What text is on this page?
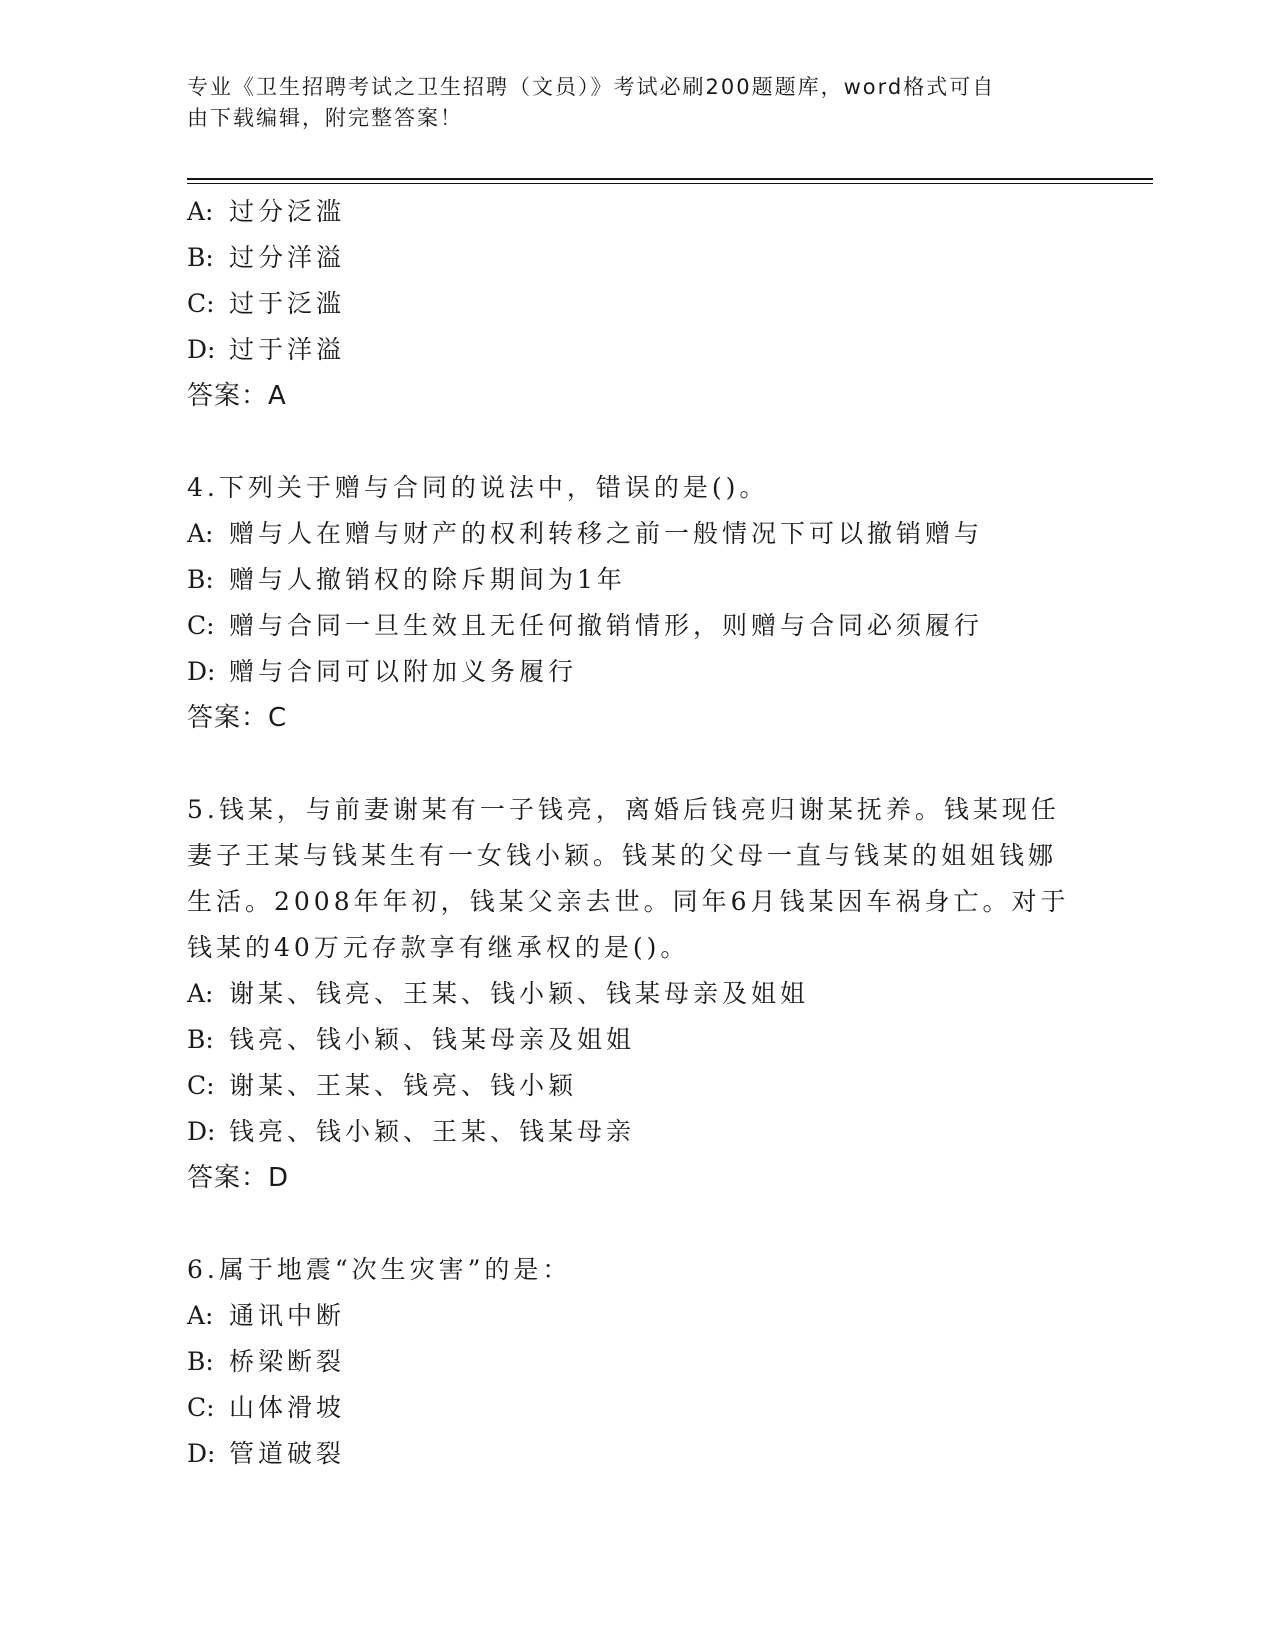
专业《卫生招聘考试之卫生招聘（文员）》考试必刷200题题库，word格式可自
由下载编辑，附完整答案！
A: 过分泛滥
B: 过分洋溢
C: 过于泛滥
D: 过于洋溢
答案：A
4.下列关于赠与合同的说法中，错误的是()。
A: 赠与人在赠与财产的权利转移之前一般情况下可以撤销赠与
B: 赠与人撤销权的除斥期间为1年
C: 赠与合同一旦生效且无任何撤销情形，则赠与合同必须履行
D: 赠与合同可以附加义务履行
答案：C
5.钱某，与前妻谢某有一子钱亮，离婚后钱亮归谢某抚养。钱某现任
妻子王某与钱某生有一女钱小颖。钱某的父母一直与钱某的姐姐钱娜
生活。2008年年初，钱某父亲去世。同年6月钱某因车祸身亡。对于
钱某的40万元存款享有继承权的是()。
A: 谢某、钱亮、王某、钱小颖、钱某母亲及姐姐
B: 钱亮、钱小颖、钱某母亲及姐姐
C: 谢某、王某、钱亮、钱小颖
D: 钱亮、钱小颖、王某、钱某母亲
答案：D
6.属于地震“次生灾害”的是：
A: 通讯中断
B: 桥梁断裂
C: 山体滑坡
D: 管道破裂
